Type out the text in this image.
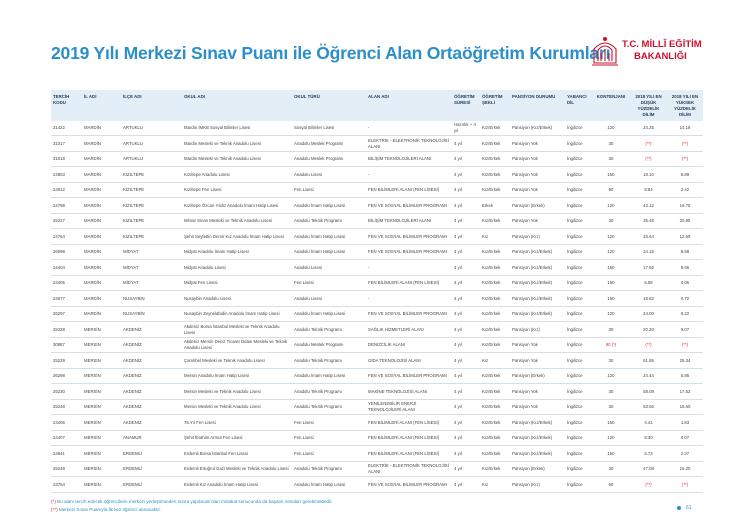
2019 Yılı Merkezi Sınav Puanı ile Öğrenci Alan Ortaöğretim Kurumları T.C. MİLLÎ EĞİTİM
BAKANLIĞI
TERCİH KODU	İL ADI	İLÇE ADI	OKUL ADI	OKUL TÜRÜ	ALAN ADI	ÖĞRETİM SÜRESİ	ÖĞRETİM ŞEKLİ	PANSİYON DURUMU	YABANCI DİL	KONTENJANI	2018 YILI EN DÜŞÜK YÜZDELİK DİLİM	2018 YILI EN YÜKSEK YÜZDELİK DİLİM
21422	MARDİN	ARTUKLU	Mardin İMKB Sosyal Bilimler Lisesi	Sosyal Bilimler Lisesi	-	Hazırlık + 4 yıl	Kız/Erkek	Pansiyon (Kız/Erkek)	İngilizce	120	24.25	14.18
31017	MARDİN	ARTUKLU	Mardin Mesleki ve Teknik Anadolu Lisesi	Anadolu Meslek Programı	ELEKTRİK - ELEKTRONİK TEKNOLOJİSİ ALANI	4 yıl	Kız/Erkek	Pansiyon Yok	İngilizce	30	(**)	(**)
31018	MARDİN	ARTUKLU	Mardin Mesleki ve Teknik Anadolu Lisesi	Anadolu Meslek Programı	BİLİŞİM TEKNOLOJİLERİ ALANI	4 yıl	Kız/Erkek	Pansiyon Yok	İngilizce	30	(**)	(**)
24803	MARDİN	KIZILTEPE	Kızıltepe Anadolu Lisesi	Anadolu Lisesi	-	4 yıl	Kız/Erkek	Pansiyon Yok	İngilizce	150	18.10	8.89
24812	MARDİN	KIZILTEPE	Kızıltepe Fen Lisesi	Fen Lisesi	FEN BİLİMLERİ ALANI (FEN LİSESİ)	4 yıl	Kız/Erkek	Pansiyon Yok	İngilizce	90	8.84	2.42
24798	MARDİN	KIZILTEPE	Kızıltepe Özcan Yıldız Anadolu İmam Hatip Lisesi	Anadolu İmam Hatip Lisesi	FEN VE SOSYAL BİLİMLER PROGRAMI	4 yıl	Erkek	Pansiyon (Erkek)	İngilizce	120	43.12	16.75
25227	MARDİN	KIZILTEPE	Mimar Sinan Mesleki ve Teknik Anadolu Lisesi	Anadolu Teknik Programı	BİLİŞİM TEKNOLOJİLERİ ALANI	4 yıl	Kız/Erkek	Pansiyon Yok	İngilizce	30	35.48	20.85
24764	MARDİN	KIZILTEPE	Şehit Seyfettin Demir Kız Anadolu İmam Hatip Lisesi	Anadolu İmam Hatip Lisesi	FEN VE SOSYAL BİLİMLER PROGRAMI	4 yıl	Kız	Pansiyon (Kız)	İngilizce	120	33.64	12.69
26098	MARDİN	MİDYAT	Midyat Anadolu İmam Hatip Lisesi	Anadolu İmam Hatip Lisesi	FEN VE SOSYAL BİLİMLER PROGRAMI	4 yıl	Kız/Erkek	Pansiyon (Kız/Erkek)	İngilizce	120	24.18	8.58
24404	MARDİN	MİDYAT	Midyat Anadolu Lisesi	Anadolu Lisesi	-	4 yıl	Kız/Erkek	Pansiyon (Kız/Erkek)	İngilizce	150	17.92	8.66
24405	MARDİN	MİDYAT	Midyat Fen Lisesi	Fen Lisesi	FEN BİLİMLERİ ALANI (FEN LİSESİ)	4 yıl	Kız/Erkek	Pansiyon (Kız/Erkek)	İngilizce	150	6.58	0.05
24677	MARDİN	NUSAYBİN	Nusaybin Anadolu Lisesi	Anadolu Lisesi	-	4 yıl	Kız/Erkek	Pansiyon (Kız/Erkek)	İngilizce	150	18.82	0.72
26297	MARDİN	NUSAYBİN	Nusaybin Zeynelabidin Anadolu İmam Hatip Lisesi	Anadolu İmam Hatip Lisesi	FEN VE SOSYAL BİLİMLER PROGRAMI	4 yıl	Kız/Erkek	Pansiyon (Kız/Erkek)	İngilizce	120	24.00	8.22
25228	MERSİN	AKDENİZ	Akdeniz Borsa İstanbul Mesleki ve Teknik Anadolu Lisesi	Anadolu Teknik Programı	SAĞLIK HİZMETLERİ ALANI	4 yıl	Kız/Erkek	Pansiyon (Kız)	İngilizce	30	20.20	9.07
30887	MERSİN	AKDENİZ	Akdeniz Mersin Deniz Ticaret Odası Mesleki ve Teknik Anadolu Lisesi	Anadolu Meslek Programı	DENİZCİLİK ALANI	4 yıl	Kız/Erkek	Pansiyon Yok	İngilizce	90 (*)	(**)	(**)
25229	MERSİN	AKDENİZ	Çamlıbel Mesleki ve Teknik Anadolu Lisesi	Anadolu Teknik Programı	GIDA TEKNOLOJİSİ ALANI	4 yıl	Kız	Pansiyon Yok	İngilizce	30	61.65	25.34
26298	MERSİN	AKDENİZ	Mersin Anadolu İmam Hatip Lisesi	Anadolu İmam Hatip Lisesi	FEN VE SOSYAL BİLİMLER PROGRAMI	4 yıl	Kız/Erkek	Pansiyon (Erkek)	İngilizce	120	24.44	5.85
25230	MERSİN	AKDENİZ	Mersin Mesleki ve Teknik Anadolu Lisesi	Anadolu Teknik Programı	MAKİNE TEKNOLOJİSİ ALANI	4 yıl	Kız/Erkek	Pansiyon Yok	İngilizce	30	58.08	17.53
25248	MERSİN	AKDENİZ	Mersin Mesleki ve Teknik Anadolu Lisesi	Anadolu Teknik Programı	YENİLENEBİLİR ENERJİ TEKNOLOJİLERİ ALANI	4 yıl	Kız/Erkek	Pansiyon Yok	İngilizce	30	53.66	15.50
24406	MERSİN	AKDENİZ	75.Yıl Fen Lisesi	Fen Lisesi	FEN BİLİMLERİ ALANI (FEN LİSESİ)	4 yıl	Kız/Erkek	Pansiyon (Kız/Erkek)	İngilizce	150	4.41	1.83
24407	MERSİN	ANAMUR	Şehit İbrahim Armut Fen Lisesi	Fen Lisesi	FEN BİLİMLERİ ALANI (FEN LİSESİ)	4 yıl	Kız/Erkek	Pansiyon (Kız/Erkek)	İngilizce	120	8.30	0.07
24841	MERSİN	ERDEMLİ	Erdemli Borsa İstanbul Fen Lisesi	Fen Lisesi	FEN BİLİMLERİ ALANI (FEN LİSESİ)	4 yıl	Kız/Erkek	Pansiyon (Kız/Erkek)	İngilizce	150	6.73	2.37
25249	MERSİN	ERDEMLİ	Erdemli Ertuğrul Gazi Mesleki ve Teknik Anadolu Lisesi	Anadolu Teknik Programı	ELEKTRİK - ELEKTRONİK TEKNOLOJİSİ ALANI	4 yıl	Kız/Erkek	Pansiyon (Erkek)	İngilizce	30	47.08	15.20
23754	MERSİN	ERDEMLİ	Erdemli Kız Anadolu İmam Hatip Lisesi	Anadolu İmam Hatip Lisesi	FEN VE SOSYAL BİLİMLER PROGRAMI	4 yıl	Kız	Pansiyon (Kız)	İngilizce	60	(**)	(**)
(*) Bu alanı tercih edecek öğrencilerin merkezi yerleştirmeden sonra yapılacak olan mülakat sonucunda da başarılı olmaları gerekmektedir.
(**) Merkezi Sınav Puanıyla ilk kez öğrenci alınacaktır.	61
